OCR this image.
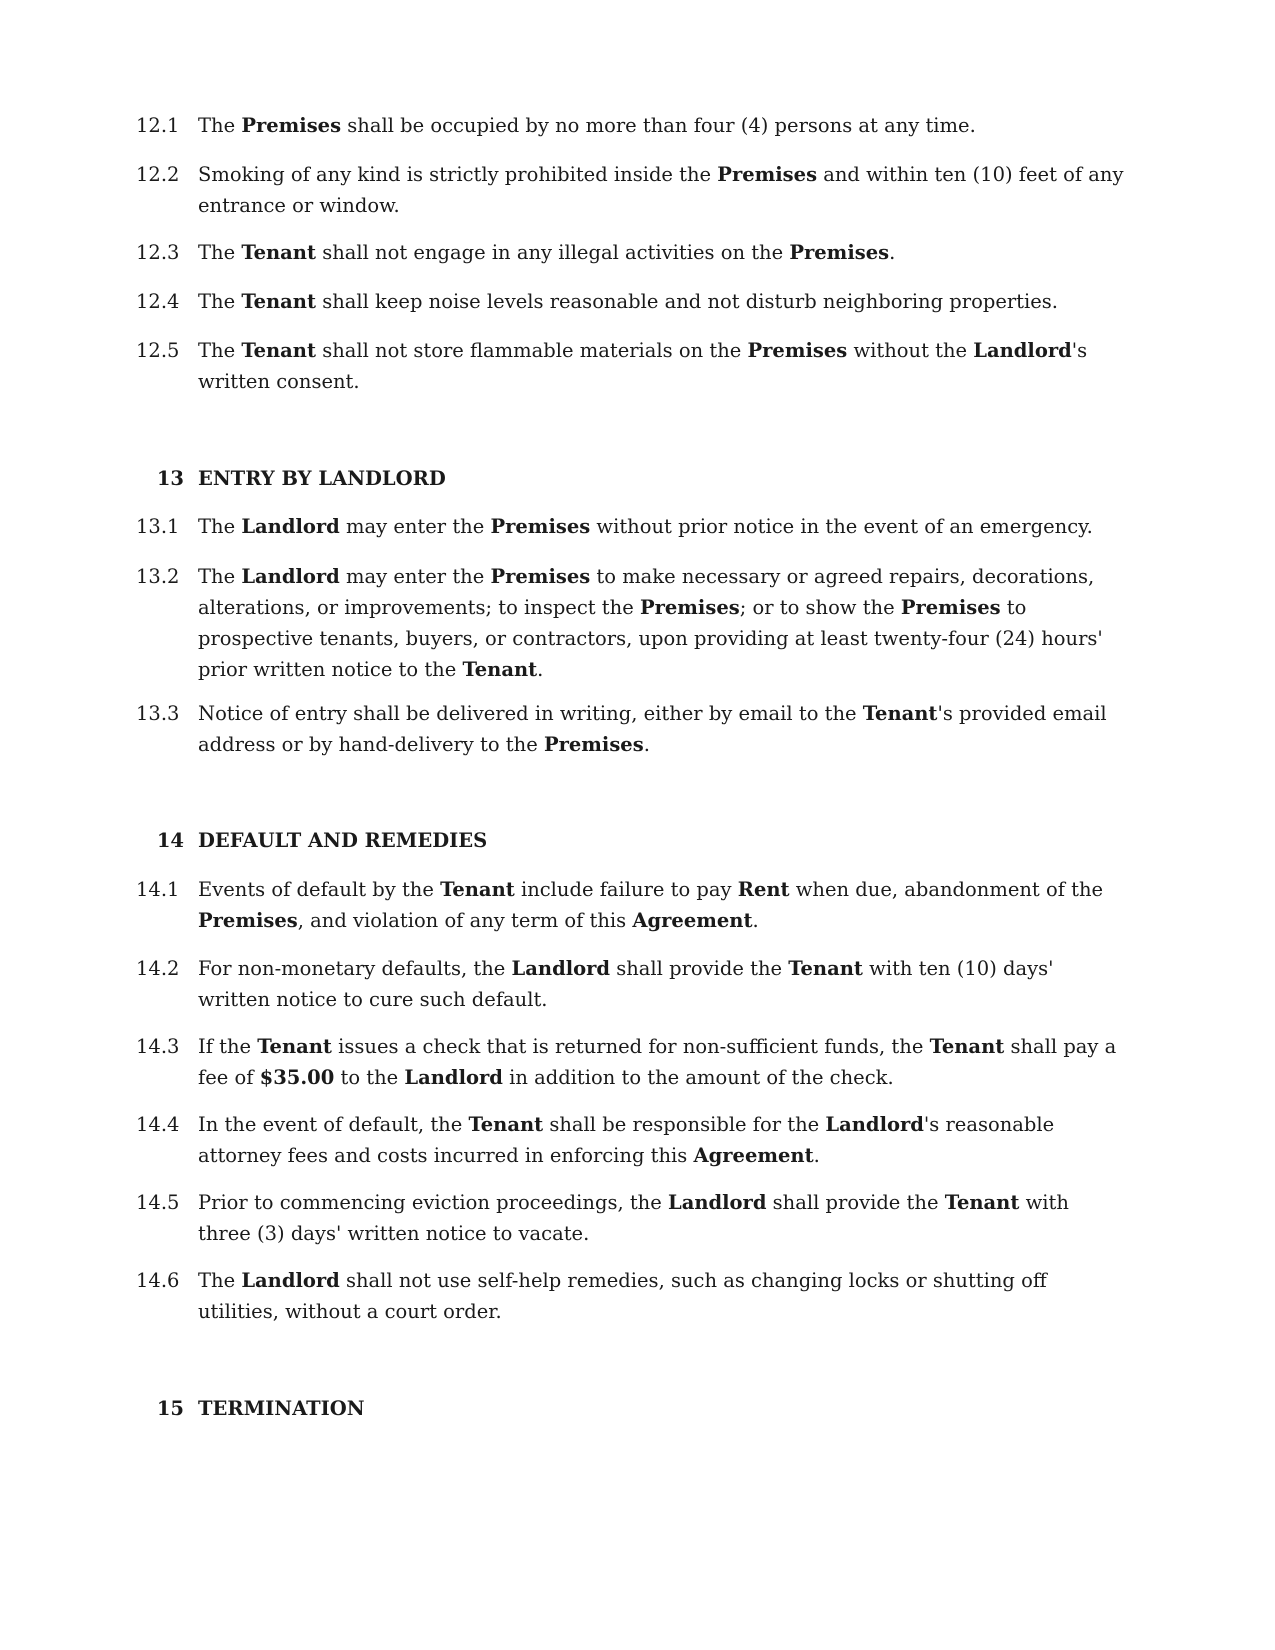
12.1 The Premises shall be occupied by no more than four (4) persons at any time.
12.2 Smoking of any kind is strictly prohibited inside the Premises and within ten (10) feet of any entrance or window.
12.3 The Tenant shall not engage in any illegal activities on the Premises.
12.4 The Tenant shall keep noise levels reasonable and not disturb neighboring properties.
12.5 The Tenant shall not store flammable materials on the Premises without the Landlord's written consent.
13 ENTRY BY LANDLORD
13.1 The Landlord may enter the Premises without prior notice in the event of an emergency.
13.2 The Landlord may enter the Premises to make necessary or agreed repairs, decorations, alterations, or improvements; to inspect the Premises; or to show the Premises to prospective tenants, buyers, or contractors, upon providing at least twenty-four (24) hours' prior written notice to the Tenant.
13.3 Notice of entry shall be delivered in writing, either by email to the Tenant's provided email address or by hand-delivery to the Premises.
14 DEFAULT AND REMEDIES
14.1 Events of default by the Tenant include failure to pay Rent when due, abandonment of the Premises, and violation of any term of this Agreement.
14.2 For non-monetary defaults, the Landlord shall provide the Tenant with ten (10) days' written notice to cure such default.
14.3 If the Tenant issues a check that is returned for non-sufficient funds, the Tenant shall pay a fee of $35.00 to the Landlord in addition to the amount of the check.
14.4 In the event of default, the Tenant shall be responsible for the Landlord's reasonable attorney fees and costs incurred in enforcing this Agreement.
14.5 Prior to commencing eviction proceedings, the Landlord shall provide the Tenant with three (3) days' written notice to vacate.
14.6 The Landlord shall not use self-help remedies, such as changing locks or shutting off utilities, without a court order.
15 TERMINATION
